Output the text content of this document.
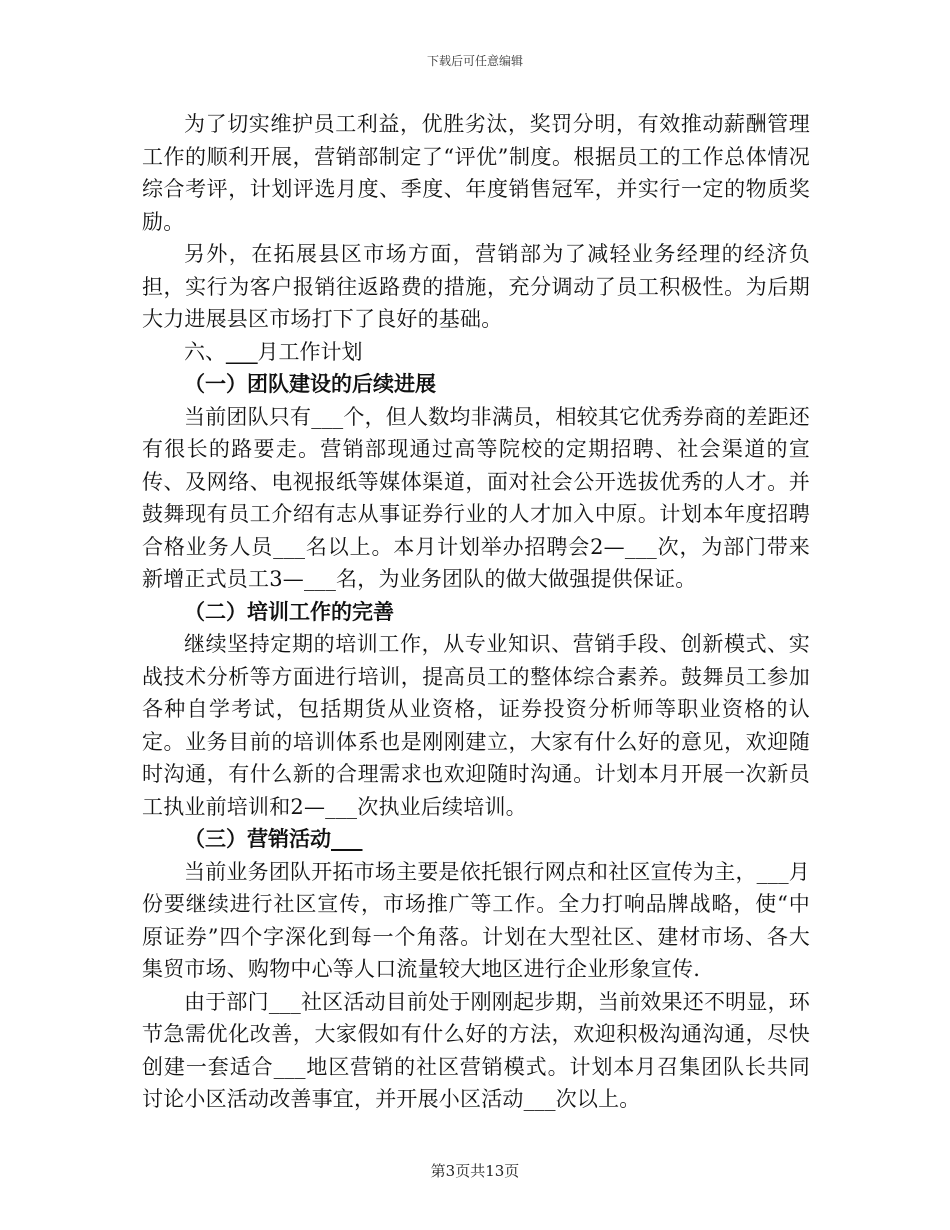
下载后可任意编辑

为了切实维护员工利益，优胜劣汰，奖罚分明，有效推动薪酬管理工作的顺利开展，营销部制定了“评优”制度。根据员工的工作总体情况综合考评，计划评选月度、季度、年度销售冠军，并实行一定的物质奖励。

另外，在拓展县区市场方面，营销部为了减轻业务经理的经济负担，实行为客户报销往返路费的措施，充分调动了员工积极性。为后期大力进展县区市场打下了良好的基础。

六、___月工作计划

（一）团队建设的后续进展

当前团队只有___个，但人数均非满员，相较其它优秀券商的差距还有很长的路要走。营销部现通过高等院校的定期招聘、社会渠道的宣传、及网络、电视报纸等媒体渠道，面对社会公开选拔优秀的人才。并鼓舞现有员工介绍有志从事证券行业的人才加入中原。计划本年度招聘合格业务人员___名以上。本月计划举办招聘会2—___次，为部门带来新增正式员工3—___名，为业务团队的做大做强提供保证。

（二）培训工作的完善

继续坚持定期的培训工作，从专业知识、营销手段、创新模式、实战技术分析等方面进行培训，提高员工的整体综合素养。鼓舞员工参加各种自学考试，包括期货从业资格，证券投资分析师等职业资格的认定。业务目前的培训体系也是刚刚建立，大家有什么好的意见，欢迎随时沟通，有什么新的合理需求也欢迎随时沟通。计划本月开展一次新员工执业前培训和2—___次执业后续培训。

（三）营销活动___

当前业务团队开拓市场主要是依托银行网点和社区宣传为主，___月份要继续进行社区宣传，市场推广等工作。全力打响品牌战略，使“中原证券”四个字深化到每一个角落。计划在大型社区、建材市场、各大集贸市场、购物中心等人口流量较大地区进行企业形象宣传.

由于部门___社区活动目前处于刚刚起步期，当前效果还不明显，环节急需优化改善，大家假如有什么好的方法，欢迎积极沟通沟通，尽快创建一套适合___地区营销的社区营销模式。计划本月召集团队长共同讨论小区活动改善事宜，并开展小区活动___次以上。

第3页共13页
